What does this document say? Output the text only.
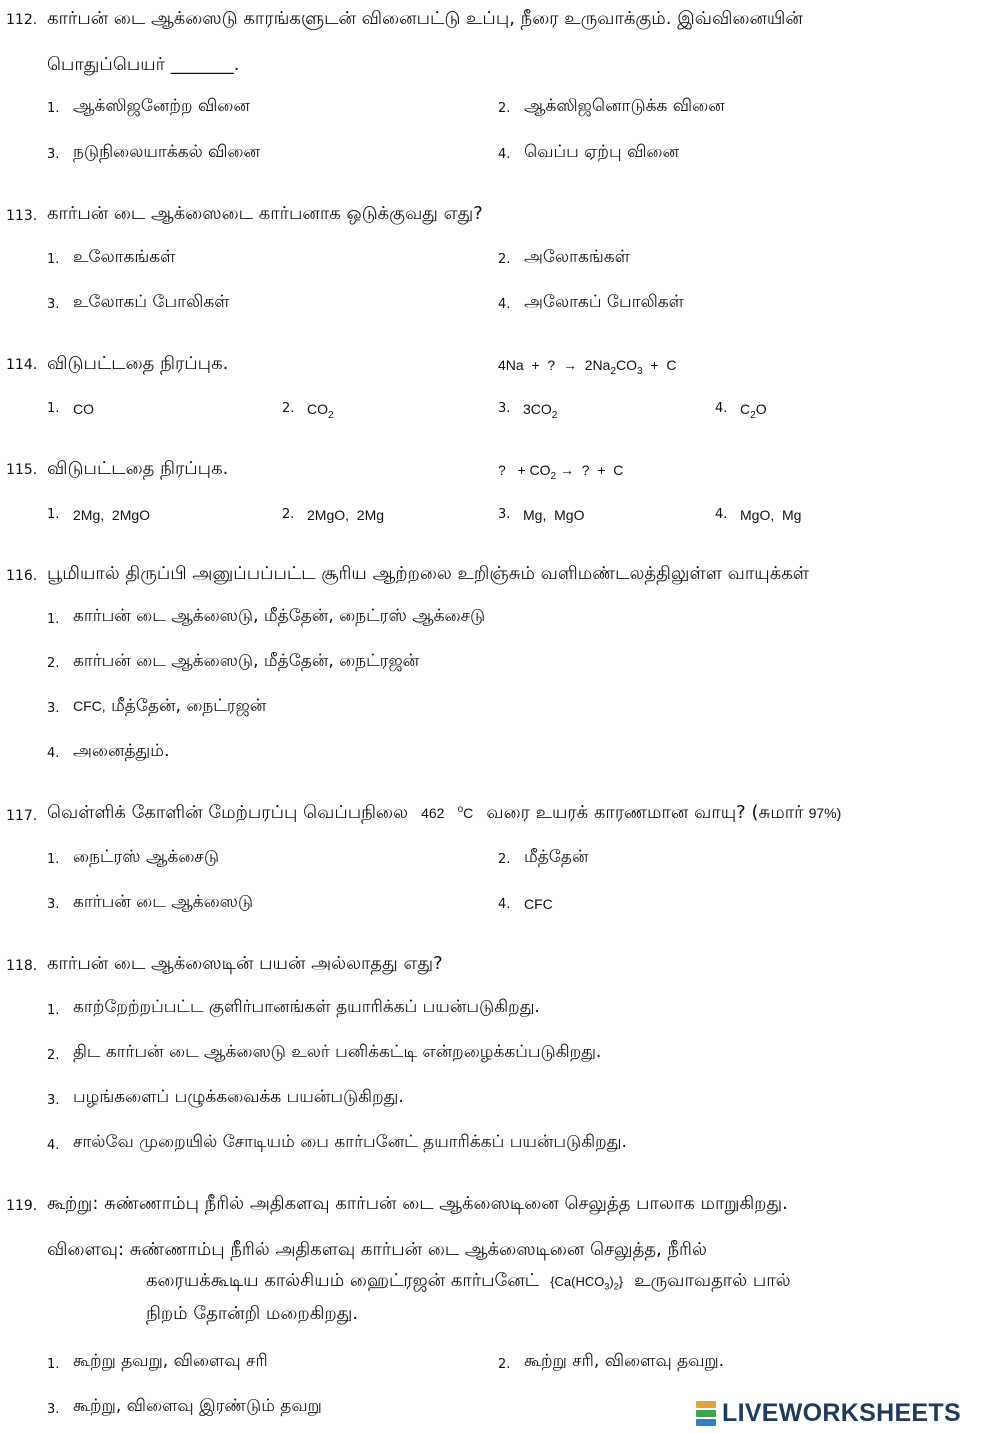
112. கார்பன் டை ஆக்ஸைடு காரங்களுடன் வினைபட்டு உப்பு, நீரை உருவாக்கும். இவ்வினையின்
பொதுப்பெயர் _______.
1. ஆக்ஸிஜனேற்ற வினை	2. ஆக்ஸிஜனொடுக்க வினை
3. நடுநிலையாக்கல் வினை	4. வெப்ப ஏற்பு வினை
113. கார்பன் டை ஆக்ஸைடை கார்பனாக ஒடுக்குவது எது?
1. உலோகங்கள்	2. அலோகங்கள்
3. உலோகப் போலிகள்	4. அலோகப் போலிகள்
114. விடுபட்டதை நிரப்புக.	4Na  +  ?  →  $2Na_2CO_3 + C$
1. CO	2. $CO_2$	3. $3CO_2$	4. $C_2O$
115. விடுபட்டதை நிரப்புக.	?   + $CO_2$ →  ?  +  C
1. 2Mg,  2MgO	2. 2MgO,  2Mg	3. Mg,  MgO	4. MgO,  Mg
116. பூமியால் திருப்பி அனுப்பப்பட்ட சூரிய ஆற்றலை உறிஞ்சும் வளிமண்டலத்திலுள்ள வாயுக்கள்
1. கார்பன் டை ஆக்ஸைடு, மீத்தேன், நைட்ரஸ் ஆக்சைடு
2. கார்பன் டை ஆக்ஸைடு, மீத்தேன், நைட்ரஜன்
3. CFC, மீத்தேன், நைட்ரஜன்
4. அனைத்தும்.
117. வெள்ளிக் கோளின் மேற்பரப்பு வெப்பநிலை 462 $^o$C வரை உயரக் காரணமான வாயு? (சுமார் 97%)
1. நைட்ரஸ் ஆக்சைடு	2. மீத்தேன்
3. கார்பன் டை ஆக்ஸைடு	4. CFC
118. கார்பன் டை ஆக்ஸைடின் பயன் அல்லாதது எது?
1. காற்றேற்றப்பட்ட குளிர்பானங்கள் தயாரிக்கப் பயன்படுகிறது.
2. திட கார்பன் டை ஆக்ஸைடு உலர் பனிக்கட்டி என்றழைக்கப்படுகிறது.
3. பழங்களைப் பழுக்கவைக்க பயன்படுகிறது.
4. சால்வே முறையில் சோடியம் பை கார்பனேட் தயாரிக்கப் பயன்படுகிறது.
119. கூற்று: சுண்ணாம்பு நீரில் அதிகளவு கார்பன் டை ஆக்ஸைடினை செலுத்த பாலாக மாறுகிறது.
விளைவு: சுண்ணாம்பு நீரில் அதிகளவு கார்பன் டை ஆக்ஸைடினை செலுத்த, நீரில்
கரையக்கூடிய கால்சியம் ஹைட்ரஜன் கார்பனேட் $\{Ca(HCO_3)_2\}$ உருவாவதால் பால்
நிறம் தோன்றி மறைகிறது.
1. கூற்று தவறு, விளைவு சரி	2. கூற்று சரி, விளைவு தவறு.
3. கூற்று, விளைவு இரண்டும் தவறு	LIVEWORKSHEETS
